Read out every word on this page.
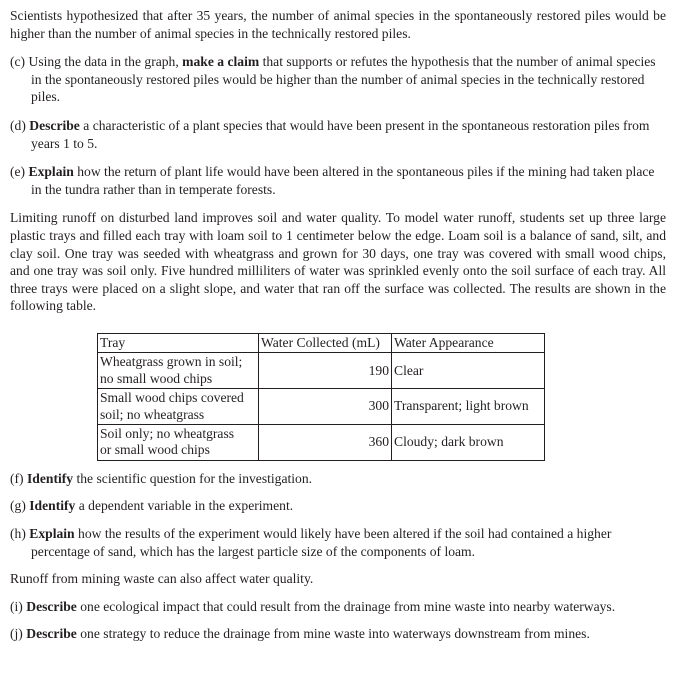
Scientists hypothesized that after 35 years, the number of animal species in the spontaneously restored piles would be higher than the number of animal species in the technically restored piles.

(c) Using the data in the graph, make a claim that supports or refutes the hypothesis that the number of animal species in the spontaneously restored piles would be higher than the number of animal species in the technically restored piles.

(d) Describe a characteristic of a plant species that would have been present in the spontaneous restoration piles from years 1 to 5.

(e) Explain how the return of plant life would have been altered in the spontaneous piles if the mining had taken place in the tundra rather than in temperate forests.

Limiting runoff on disturbed land improves soil and water quality. To model water runoff, students set up three large plastic trays and filled each tray with loam soil to 1 centimeter below the edge. Loam soil is a balance of sand, silt, and clay soil. One tray was seeded with wheatgrass and grown for 30 days, one tray was covered with small wood chips, and one tray was soil only. Five hundred milliliters of water was sprinkled evenly onto the soil surface of each tray. All three trays were placed on a slight slope, and water that ran off the surface was collected. The results are shown in the following table.

Tray	Water Collected (mL)	Water Appearance
Wheatgrass grown in soil;
no small wood chips	190	Clear
Small wood chips covered
soil; no wheatgrass	300	Transparent; light brown
Soil only; no wheatgrass
or small wood chips	360	Cloudy; dark brown

(f) Identify the scientific question for the investigation.

(g) Identify a dependent variable in the experiment.

(h) Explain how the results of the experiment would likely have been altered if the soil had contained a higher percentage of sand, which has the largest particle size of the components of loam.

Runoff from mining waste can also affect water quality.

(i) Describe one ecological impact that could result from the drainage from mine waste into nearby waterways.

(j) Describe one strategy to reduce the drainage from mine waste into waterways downstream from mines.
